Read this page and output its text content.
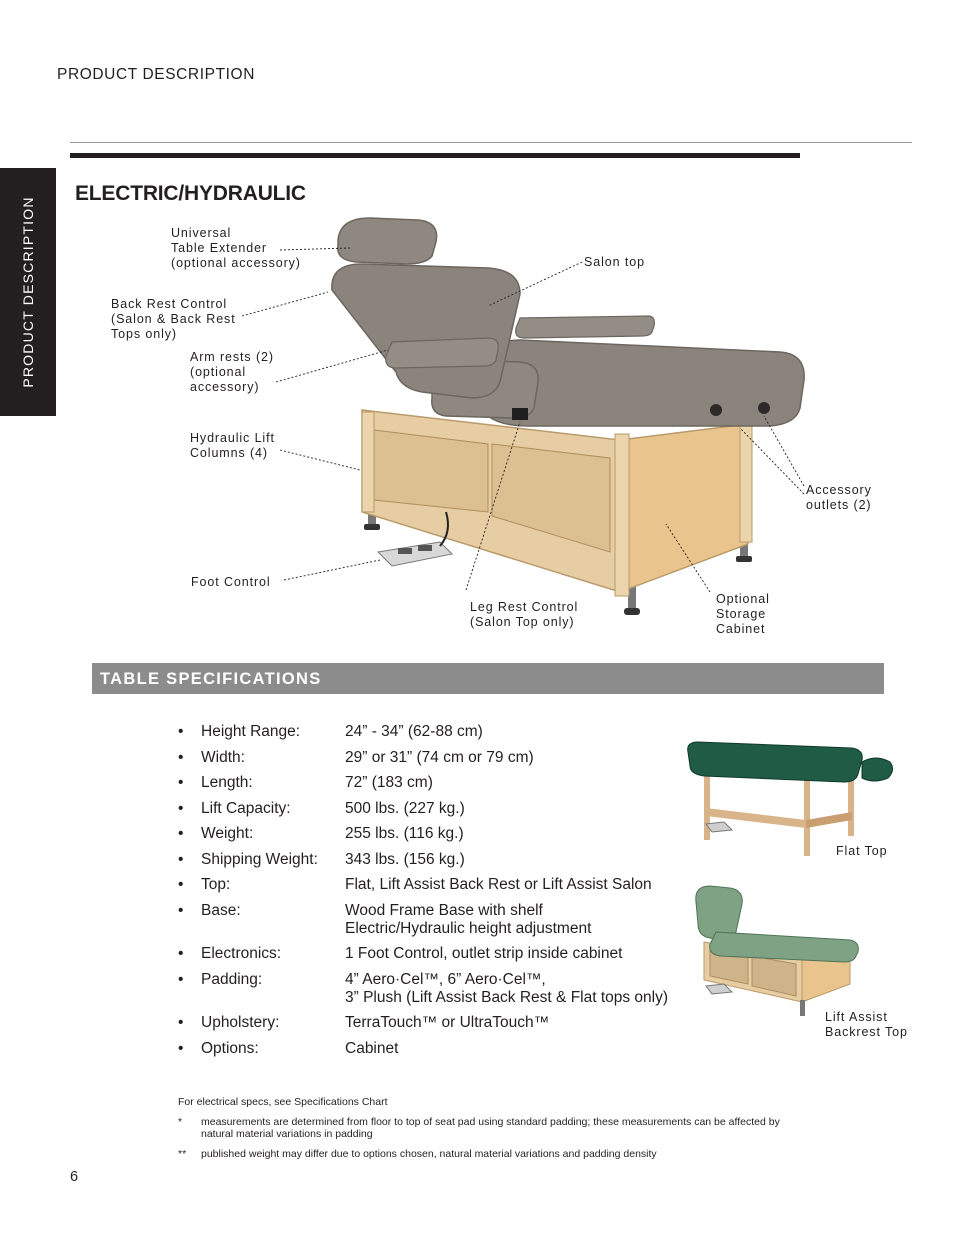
PRODUCT DESCRIPTION
PRODUCT DESCRIPTION
ELECTRIC/HYDRAULIC
Universal
Table Extender
(optional accessory)	Salon top
Back Rest Control
(Salon & Back Rest
Tops only)
Arm rests (2)
(optional
accessory)
Hydraulic Lift
Columns (4)
Accessory
outlets (2)
Foot Control
Leg Rest Control
(Salon Top only)
Optional
Storage
Cabinet
TABLE SPECIFICATIONS
•	Height Range:	24” - 34” (62-88 cm)
•	Width:	29” or 31” (74 cm or 79 cm)
•	Length:	72” (183 cm)
•	Lift Capacity:	500 lbs. (227 kg.)
•	Weight:	255 lbs. (116 kg.)
•	Shipping Weight:	343 lbs. (156 kg.)
•	Top:	Flat, Lift Assist Back Rest or Lift Assist Salon
•	Base:	Wood Frame Base with shelf
Electric/Hydraulic height adjustment
•	Electronics:	1 Foot Control, outlet strip inside cabinet
•	Padding:	4” Aero·Cel™, 6” Aero·Cel™,
3” Plush (Lift Assist Back Rest & Flat tops only)
•	Upholstery:	TerraTouch™ or UltraTouch™
•	Options:	Cabinet
Flat Top
Lift Assist
Backrest Top
For electrical specs, see Specifications Chart
*	measurements are determined from floor to top of seat pad using standard padding; these measurements can be affected by natural material variations in padding
**	published weight may differ due to options chosen, natural material variations and padding density
6
